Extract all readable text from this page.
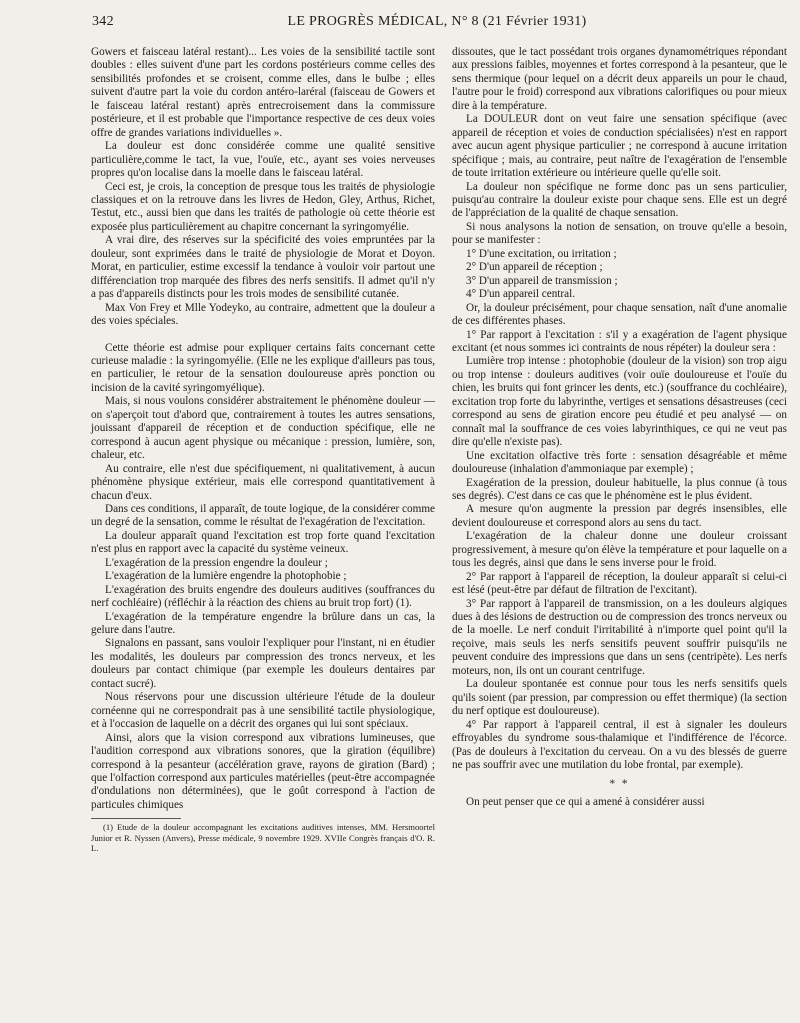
342	LE PROGRÈS MÉDICAL, N° 8 (21 Février 1931)

Gowers et faisceau latéral restant)... Les voies de la sensibilité tactile sont doubles : elles suivent d'une part les cordons postérieurs comme celles des sensibilités profondes et se croisent, comme elles, dans le bulbe ; elles suivent d'autre part la voie du cordon antéro-laréral (faisceau de Gowers et le faisceau latéral restant) après entrecroisement dans la commissure postérieure, et il est probable que l'importance respective de ces deux voies offre de grandes variations individuelles ».

La douleur est donc considérée comme une qualité sensitive particulière,comme le tact, la vue, l'ouïe, etc., ayant ses voies nerveuses propres qu'on localise dans la moelle dans le faisceau latéral.

Ceci est, je crois, la conception de presque tous les traités de physiologie classiques et on la retrouve dans les livres de Hedon, Gley, Arthus, Richet, Testut, etc., aussi bien que dans les traités de pathologie où cette théorie est exposée plus particulièrement au chapitre concernant la syringomyélie.

A vrai dire, des réserves sur la spécificité des voies empruntées par la douleur, sont exprimées dans le traité de physiologie de Morat et Doyon. Morat, en particulier, estime excessif la tendance à vouloir voir partout une différenciation trop marquée des fibres des nerfs sensitifs. Il admet qu'il n'y a pas d'appareils distincts pour les trois modes de sensibilité cutanée.

Max Von Frey et Mlle Yodeyko, au contraire, admettent que la douleur a des voies spéciales.

Cette théorie est admise pour expliquer certains faits concernant cette curieuse maladie : la syringomyélie. (Elle ne les explique d'ailleurs pas tous, en particulier, le retour de la sensation douloureuse après ponction ou incision de la cavité syringomyélique).

Mais, si nous voulons considérer abstraitement le phénomène douleur — on s'aperçoit tout d'abord que, contrairement à toutes les autres sensations, jouissant d'appareil de réception et de conduction spécifique, elle ne correspond à aucun agent physique ou mécanique : pression, lumière, son, chaleur, etc.

Au contraire, elle n'est due spécifiquement, ni qualitativement, à aucun phénomène physique extérieur, mais elle correspond quantitativement à chacun d'eux.

Dans ces conditions, il apparaît, de toute logique, de la considérer comme un degré de la sensation, comme le résultat de l'exagération de l'excitation.

La douleur apparaît quand l'excitation est trop forte quand l'excitation n'est plus en rapport avec la capacité du système veineux.

L'exagération de la pression engendre la douleur ;

L'exagération de la lumière engendre la photophobie ;

L'exagération des bruits engendre des douleurs auditives (souffrances du nerf cochléaire) (réfléchir à la réaction des chiens au bruit trop fort) (1).

L'exagération de la température engendre la brûlure dans un cas, la gelure dans l'autre.

Signalons en passant, sans vouloir l'expliquer pour l'instant, ni en étudier les modalités, les douleurs par compression des troncs nerveux, et les douleurs par contact chimique (par exemple les douleurs dentaires par contact sucré).

Nous réservons pour une discussion ultérieure l'étude de la douleur cornéenne qui ne correspondrait pas à une sensibilité tactile physiologique, et à l'occasion de laquelle on a décrit des organes qui lui sont spéciaux.

Ainsi, alors que la vision correspond aux vibrations lumineuses, que l'audition correspond aux vibrations sonores, que la giration (équilibre) correspond à la pesanteur (accélération grave, rayons de giration (Bard) ; que l'olfaction correspond aux particules matérielles (peut-être accompagnée d'ondulations non déterminées), que le goût correspond à l'action de particules chimiques

(1) Etude de la douleur accompagnant les excitations auditives intenses, MM. Hersmoortel Junior et R. Nyssen (Anvers), Presse médicale, 9 novembre 1929. XVIIe Congrès français d'O. R. L.

dissoutes, que le tact possédant trois organes dynamométriques répondant aux pressions faibles, moyennes et fortes correspond à la pesanteur, que le sens thermique (pour lequel on a décrit deux appareils un pour le chaud, l'autre pour le froid) correspond aux vibrations calorifiques ou pour mieux dire à la température.

La DOULEUR dont on veut faire une sensation spécifique (avec appareil de réception et voies de conduction spécialisées) n'est en rapport avec aucun agent physique particulier ; ne correspond à aucune irritation spécifique ; mais, au contraire, peut naître de l'exagération de l'ensemble de toute irritation extérieure ou intérieure quelle qu'elle soit.

La douleur non spécifique ne forme donc pas un sens particulier, puisqu'au contraire la douleur existe pour chaque sens. Elle est un degré de l'appréciation de la qualité de chaque sensation.

Si nous analysons la notion de sensation, on trouve qu'elle a besoin, pour se manifester :

1° D'une excitation, ou irritation ;
2° D'un appareil de réception ;
3° D'un appareil de transmission ;
4° D'un appareil central.

Or, la douleur précisément, pour chaque sensation, naît d'une anomalie de ces différentes phases.

1° Par rapport à l'excitation : s'il y a exagération de l'agent physique excitant (et nous sommes ici contraints de nous répéter) la douleur sera :

Lumière trop intense : photophobie (douleur de la vision) son trop aigu ou trop intense : douleurs auditives (voir ouïe douloureuse et l'ouïe du chien, les bruits qui font grincer les dents, etc.) (souffrance du cochléaire), excitation trop forte du labyrinthe, vertiges et sensations désastreuses (ceci correspond au sens de giration encore peu étudié et peu analysé — on connaît mal la souffrance de ces voies labyrinthiques, ce qui ne veut pas dire qu'elle n'existe pas).

Une excitation olfactive très forte : sensation désagréable et même douloureuse (inhalation d'ammoniaque par exemple) ;

Exagération de la pression, douleur habituelle, la plus connue (à tous ses degrés). C'est dans ce cas que le phénomène est le plus évident.

A mesure qu'on augmente la pression par degrés insensibles, elle devient douloureuse et correspond alors au sens du tact.

L'exagération de la chaleur donne une douleur croissant progressivement, à mesure qu'on élève la température et pour laquelle on a tous les degrés, ainsi que dans le sens inverse pour le froid.

2° Par rapport à l'appareil de réception, la douleur apparaît si celui-ci est lésé (peut-être par défaut de filtration de l'excitant).

3° Par rapport à l'appareil de transmission, on a les douleurs algiques dues à des lésions de destruction ou de compression des troncs nerveux ou de la moelle. Le nerf conduit l'irritabilité à n'importe quel point qu'il la reçoive, mais seuls les nerfs sensitifs peuvent souffrir puisqu'ils ne peuvent conduire des impressions que dans un sens (centripète). Les nerfs moteurs, non, ils ont un courant centrifuge.

La douleur spontanée est connue pour tous les nerfs sensitifs quels qu'ils soient (par pression, par compression ou effet thermique) (la section du nerf optique est douloureuse).

4° Par rapport à l'appareil central, il est à signaler les douleurs effroyables du syndrome sous-thalamique et l'indifférence de l'écorce. (Pas de douleurs à l'excitation du cerveau. On a vu des blessés de guerre ne pas souffrir avec une mutilation du lobe frontal, par exemple).

* *

On peut penser que ce qui a amené à considérer aussi
